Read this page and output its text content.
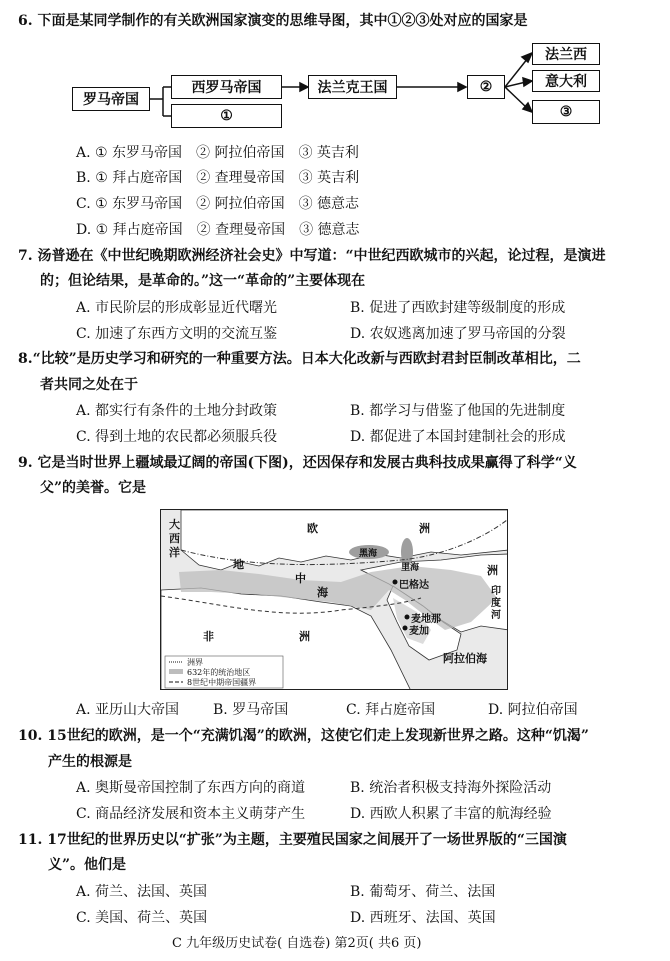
6. 下面是某同学制作的有关欧洲国家演变的思维导图，其中①②③处对应的国家是
罗马帝国
西罗马帝国
①
法兰克王国	②
法兰西
意大利
③
A. ① 东罗马帝国　② 阿拉伯帝国　③ 英吉利
B. ① 拜占庭帝国　② 查理曼帝国　③ 英吉利
C. ① 东罗马帝国　② 阿拉伯帝国　③ 德意志
D. ① 拜占庭帝国　② 查理曼帝国　③ 德意志
7. 汤普逊在《中世纪晚期欧洲经济社会史》中写道：“中世纪西欧城市的兴起，论过程，是演进
的；但论结果，是革命的。”这一“革命的”主要体现在
A. 市民阶层的形成彰显近代曙光	B. 促进了西欧封建等级制度的形成
C. 加速了东西方文明的交流互鉴	D. 农奴逃离加速了罗马帝国的分裂
8.“比较”是历史学习和研究的一种重要方法。日本大化改新与西欧封君封臣制改革相比，二
者共同之处在于
A. 都实行有条件的土地分封政策	B. 都学习与借鉴了他国的先进制度
C. 得到土地的农民都必须服兵役	D. 都促进了本国封建制社会的形成
9. 它是当时世界上疆域最辽阔的帝国(下图)，还因保存和发展古典科技成果赢得了科学“义
父”的美誉。它是
大
西
洋
欧	洲
黑海
里海
地
中
海
巴格达
麦地那
麦加
非	洲
洲
印
度
河
阿拉伯海
洲界
632年的统治地区
8世纪中期帝国疆界
A. 亚历山大帝国 B. 罗马帝国	C. 拜占庭帝国	D. 阿拉伯帝国
10. 15世纪的欧洲，是一个“充满饥渴”的欧洲，这使它们走上发现新世界之路。这种“饥渴”
产生的根源是
A. 奥斯曼帝国控制了东西方向的商道	B. 统治者积极支持海外探险活动
C. 商品经济发展和资本主义萌芽产生	D. 西欧人积累了丰富的航海经验
11. 17世纪的世界历史以“扩张”为主题，主要殖民国家之间展开了一场世界版的“三国演
义”。他们是
A. 荷兰、法国、英国	B. 葡萄牙、荷兰、法国
C. 美国、荷兰、英国	D. 西班牙、法国、英国
C 九年级历史试卷( 自选卷) 第2页( 共6 页)
